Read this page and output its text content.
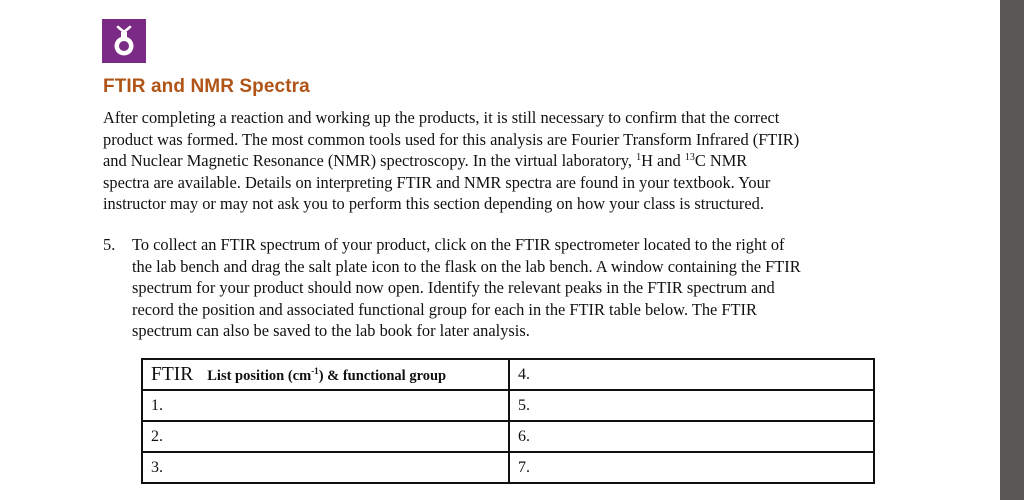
FTIR and NMR Spectra

After completing a reaction and working up the products, it is still necessary to confirm that the correct
product was formed. The most common tools used for this analysis are Fourier Transform Infrared (FTIR)
and Nuclear Magnetic Resonance (NMR) spectroscopy. In the virtual laboratory, $^1$H and $^{13}$C NMR
spectra are available. Details on interpreting FTIR and NMR spectra are found in your textbook. Your
instructor may or may not ask you to perform this section depending on how your class is structured.

5. To collect an FTIR spectrum of your product, click on the FTIR spectrometer located to the right of
the lab bench and drag the salt plate icon to the flask on the lab bench. A window containing the FTIR
spectrum for your product should now open. Identify the relevant peaks in the FTIR spectrum and
record the position and associated functional group for each in the FTIR table below. The FTIR
spectrum can also be saved to the lab book for later analysis.

FTIR List position $(cm^{-1})$ & functional group	4.
1.	5.
2.	6.
3.	7.
